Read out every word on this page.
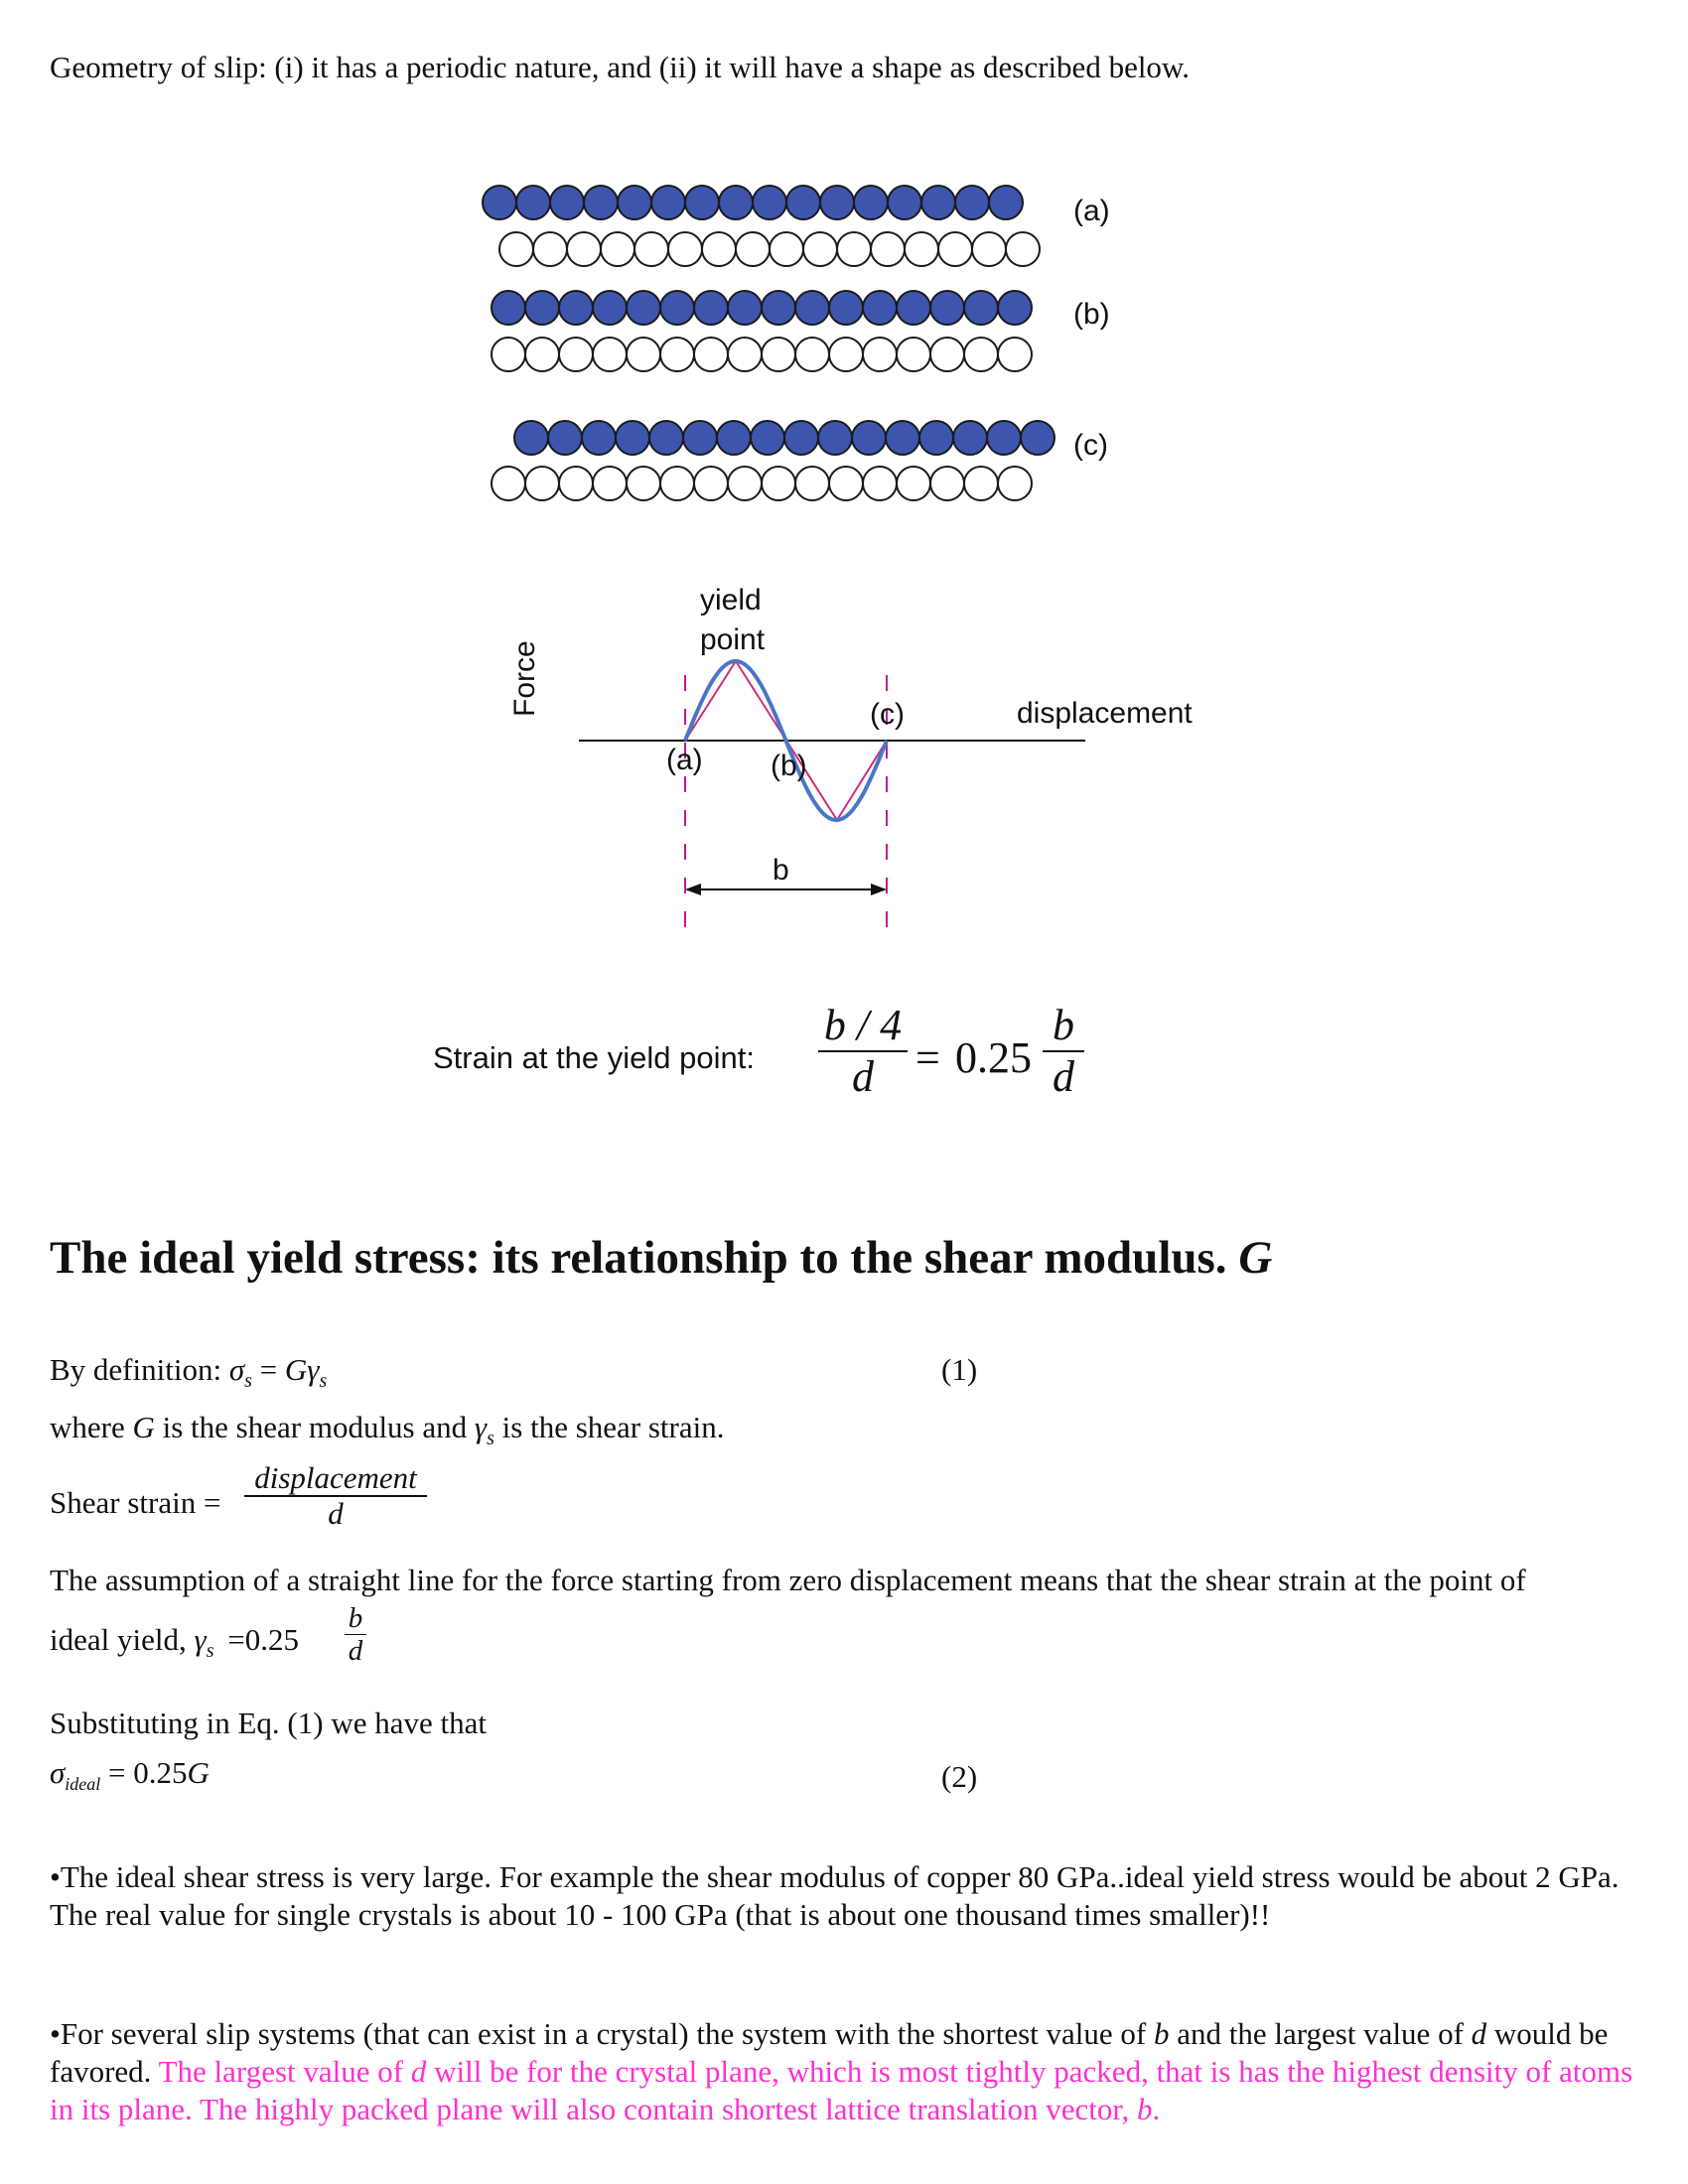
Geometry of slip: (i) it has a periodic nature, and (ii) it will have a shape as described below.
(a)
(b)
(c)
Force	displacement
yield
point
(a) (b)
(c)
b
Strain at the yield point:
b / 4
d = 0.25
b
d
The ideal yield stress: its relationship to the shear modulus. G
By definition: $\sigma_s = G\gamma_s$	(1)
where G is the shear modulus and $\gamma_s$ is the shear strain.
Shear strain =
displacement
d
The assumption of a straight line for the force starting from zero displacement means that the shear strain at the point of
ideal yield, $\gamma_s =0.25$
b
d
Substituting in Eq. (1) we have that
$\sigma_{ideal} = 0.25G$	(2)
•The ideal shear stress is very large. For example the shear modulus of copper 80 GPa..ideal yield stress would be about 2 GPa. The real value for single crystals is about 10 - 100 GPa (that is about one thousand times smaller)!!
•For several slip systems (that can exist in a crystal) the system with the shortest value of b and the largest value of d would be favored. The largest value of d will be for the crystal plane, which is most tightly packed, that is has the highest density of atoms in its plane. The highly packed plane will also contain shortest lattice translation vector, b.
